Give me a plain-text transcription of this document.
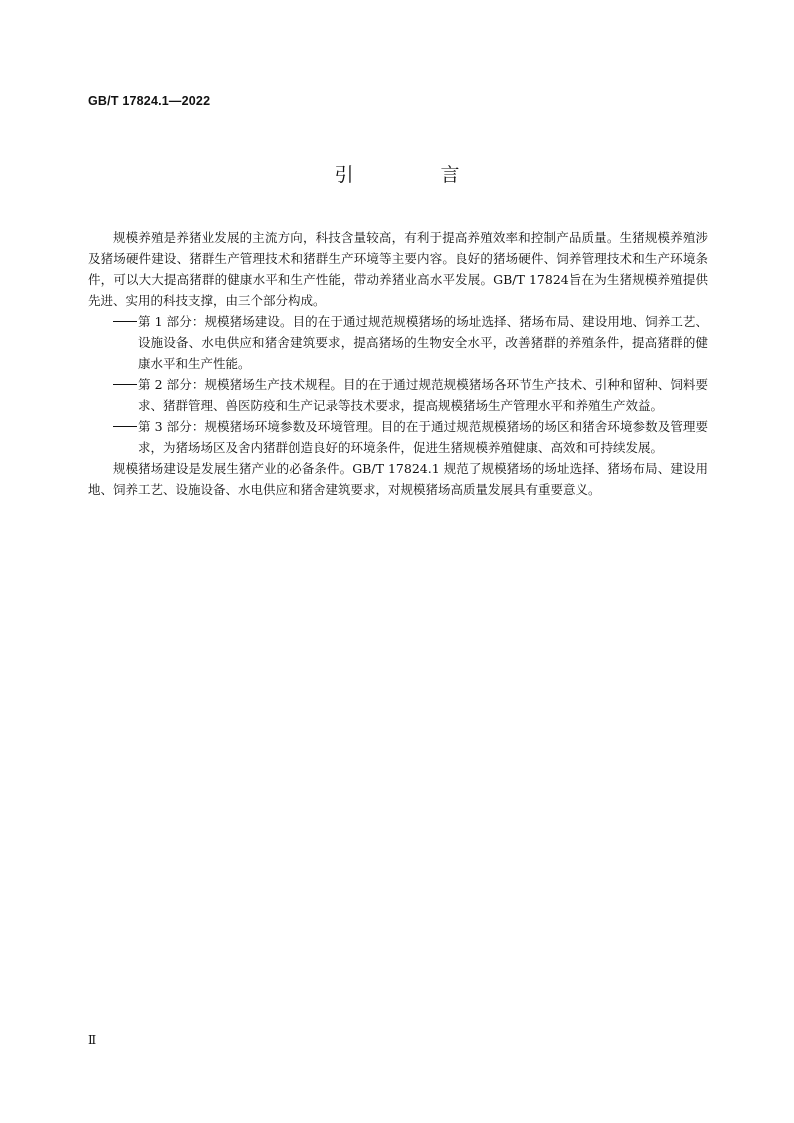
GB/T 17824.1—2022
引　言

规模养殖是养猪业发展的主流方向，科技含量较高，有利于提高养殖效率和控制产品质量。生猪规模养殖涉及猪场硬件建设、猪群生产管理技术和猪群生产环境等主要内容。良好的猪场硬件、饲养管理技术和生产环境条件，可以大大提高猪群的健康水平和生产性能，带动养猪业高水平发展。GB/T 17824旨在为生猪规模养殖提供先进、实用的科技支撑，由三个部分构成。

第 1 部分：规模猪场建设。目的在于通过规范规模猪场的场址选择、猪场布局、建设用地、饲养工艺、设施设备、水电供应和猪舍建筑要求，提高猪场的生物安全水平，改善猪群的养殖条件，提高猪群的健康水平和生产性能。

第 2 部分：规模猪场生产技术规程。目的在于通过规范规模猪场各环节生产技术、引种和留种、饲料要求、猪群管理、兽医防疫和生产记录等技术要求，提高规模猪场生产管理水平和养殖生产效益。

第 3 部分：规模猪场环境参数及环境管理。目的在于通过规范规模猪场的场区和猪舍环境参数及管理要求，为猪场场区及舍内猪群创造良好的环境条件，促进生猪规模养殖健康、高效和可持续发展。

规模猪场建设是发展生猪产业的必备条件。GB/T 17824.1 规范了规模猪场的场址选择、猪场布局、建设用地、饲养工艺、设施设备、水电供应和猪舍建筑要求，对规模猪场高质量发展具有重要意义。

Ⅱ
